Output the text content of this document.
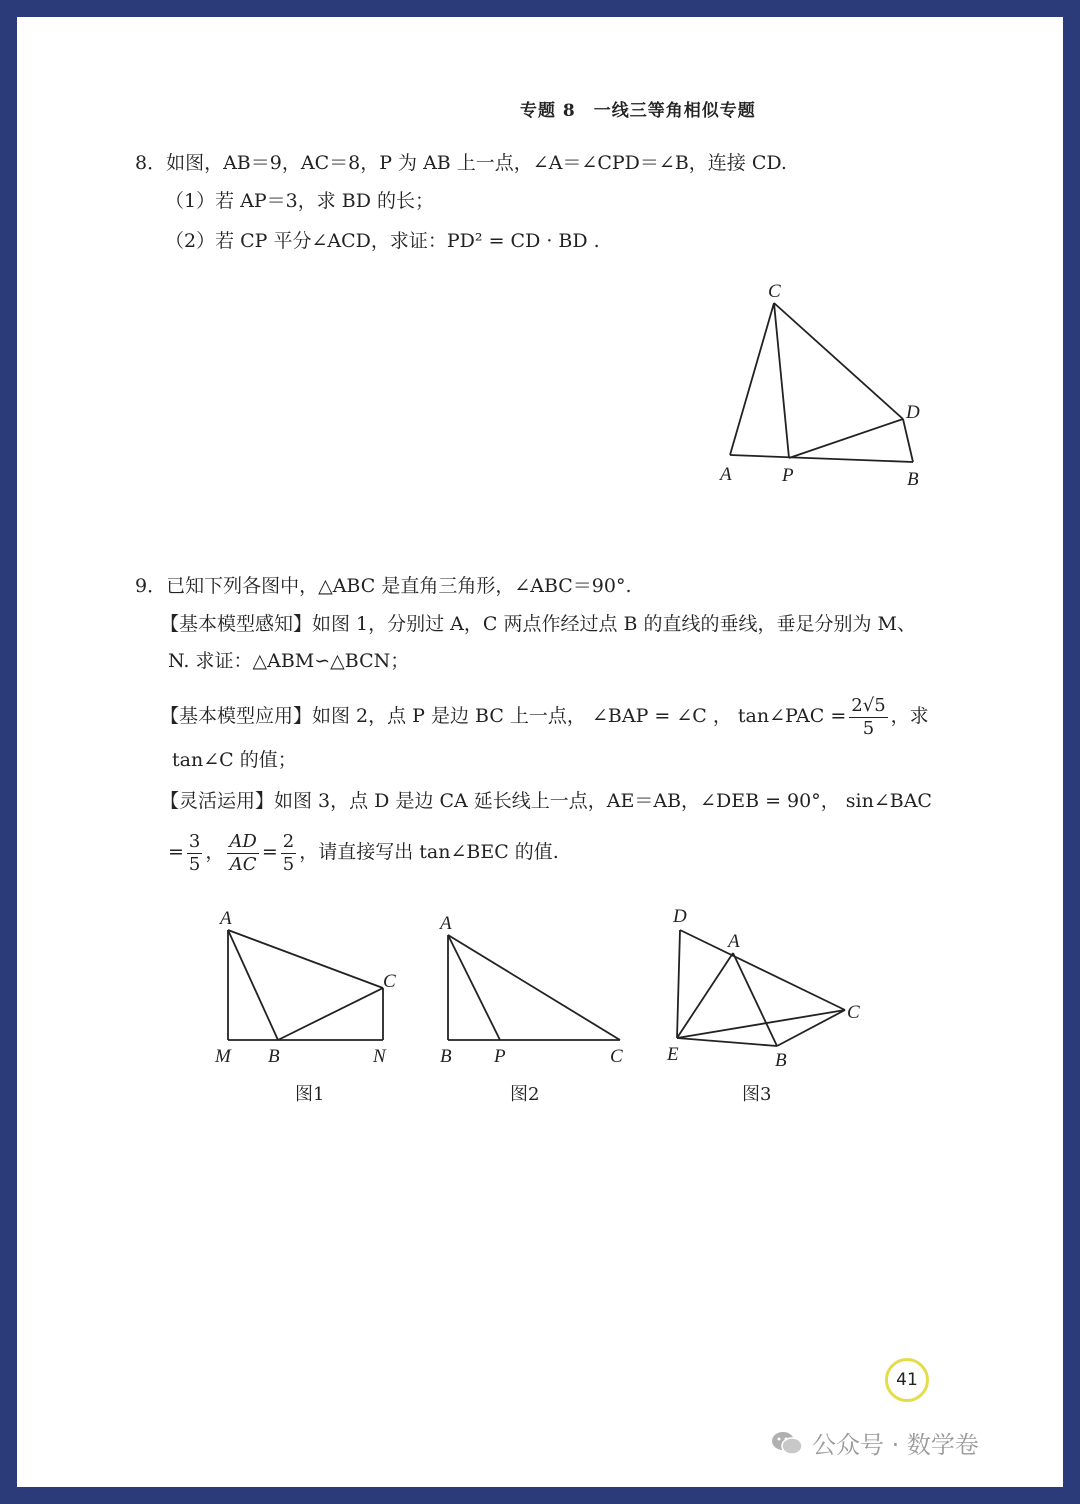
专题 8　一线三等角相似专题
8．如图，AB＝9，AC＝8，P 为 AB 上一点，∠A＝∠CPD＝∠B，连接 CD.
（1）若 AP＝3，求 BD 的长；
（2）若 CP 平分∠ACD，求证：PD² = CD · BD .
C
D
A	P	B
9．已知下列各图中，△ABC 是直角三角形，∠ABC＝90°.
【基本模型感知】如图 1，分别过 A，C 两点作经过点 B 的直线的垂线，垂足分别为 M、
N. 求证：△ABM∽△BCN；
【基本模型应用】如图 2，点 P 是边 BC 上一点， ∠BAP = ∠C ， tan∠PAC = $\frac{2√5}{5}$ ，求
tan∠C 的值；
【灵活运用】如图 3，点 D 是边 CA 延长线上一点，AE＝AB，∠DEB = 90°， sin∠BAC
= $\frac{3}{5}$ ， $\frac{AD}{AC} = \frac{2}{5}$ ，请直接写出 tan∠BEC 的值.
A
C
M B	N
图1
A
B P	C
图2
D
A
C
E	B
图3
41
公众号 · 数学卷
